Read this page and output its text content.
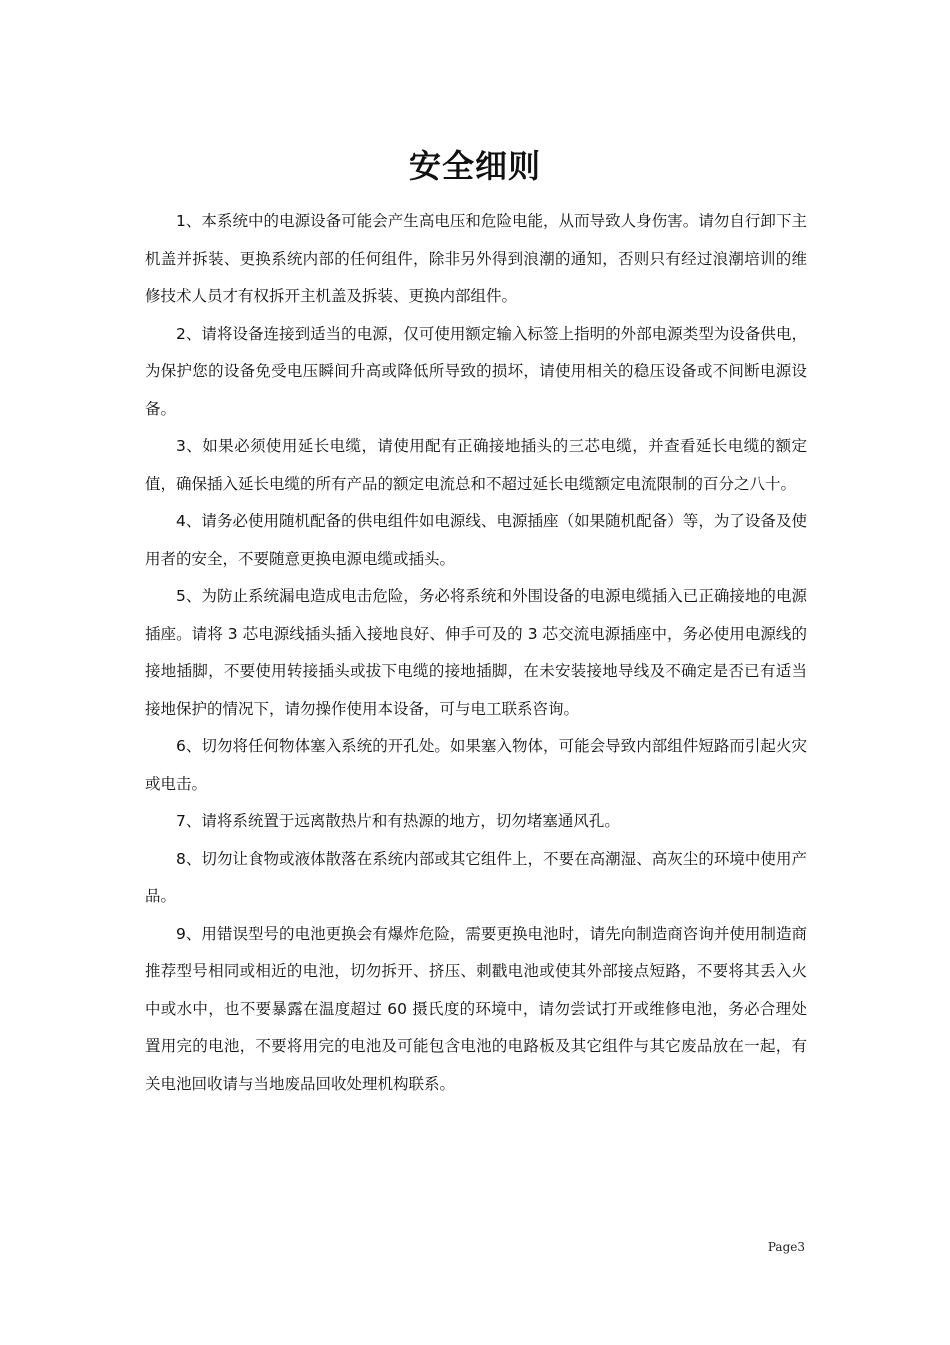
安全细则

1、本系统中的电源设备可能会产生高电压和危险电能，从而导致人身伤害。请勿自行卸下主机盖并拆装、更换系统内部的任何组件，除非另外得到浪潮的通知，否则只有经过浪潮培训的维修技术人员才有权拆开主机盖及拆装、更换内部组件。

2、请将设备连接到适当的电源，仅可使用额定输入标签上指明的外部电源类型为设备供电，为保护您的设备免受电压瞬间升高或降低所导致的损坏，请使用相关的稳压设备或不间断电源设备。

3、如果必须使用延长电缆，请使用配有正确接地插头的三芯电缆，并查看延长电缆的额定值，确保插入延长电缆的所有产品的额定电流总和不超过延长电缆额定电流限制的百分之八十。

4、请务必使用随机配备的供电组件如电源线、电源插座（如果随机配备）等，为了设备及使用者的安全，不要随意更换电源电缆或插头。

5、为防止系统漏电造成电击危险，务必将系统和外围设备的电源电缆插入已正确接地的电源插座。请将 3 芯电源线插头插入接地良好、伸手可及的 3 芯交流电源插座中，务必使用电源线的接地插脚，不要使用转接插头或拔下电缆的接地插脚，在未安装接地导线及不确定是否已有适当接地保护的情况下，请勿操作使用本设备，可与电工联系咨询。

6、切勿将任何物体塞入系统的开孔处。如果塞入物体，可能会导致内部组件短路而引起火灾或电击。

7、请将系统置于远离散热片和有热源的地方，切勿堵塞通风孔。

8、切勿让食物或液体散落在系统内部或其它组件上，不要在高潮湿、高灰尘的环境中使用产品。

9、用错误型号的电池更换会有爆炸危险，需要更换电池时，请先向制造商咨询并使用制造商推荐型号相同或相近的电池，切勿拆开、挤压、刺戳电池或使其外部接点短路，不要将其丢入火中或水中，也不要暴露在温度超过 60 摄氏度的环境中，请勿尝试打开或维修电池，务必合理处置用完的电池，不要将用完的电池及可能包含电池的电路板及其它组件与其它废品放在一起，有关电池回收请与当地废品回收处理机构联系。

Page3
